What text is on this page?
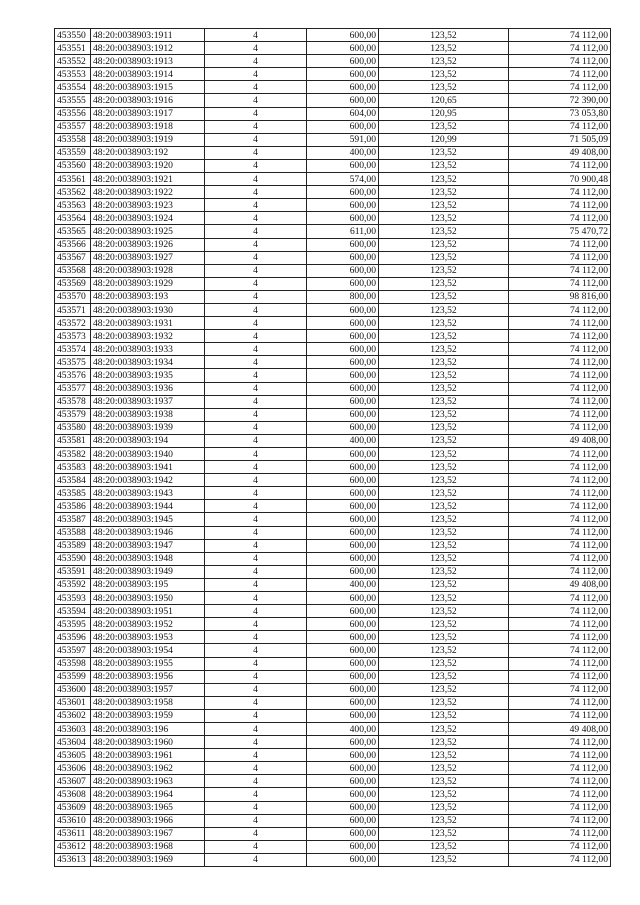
453550	48:20:0038903:1911	4	600,00	123,52	74 112,00
453551	48:20:0038903:1912	4	600,00	123,52	74 112,00
453552	48:20:0038903:1913	4	600,00	123,52	74 112,00
453553	48:20:0038903:1914	4	600,00	123,52	74 112,00
453554	48:20:0038903:1915	4	600,00	123,52	74 112,00
453555	48:20:0038903:1916	4	600,00	120,65	72 390,00
453556	48:20:0038903:1917	4	604,00	120,95	73 053,80
453557	48:20:0038903:1918	4	600,00	123,52	74 112,00
453558	48:20:0038903:1919	4	591,00	120,99	71 505,09
453559	48:20:0038903:192	4	400,00	123,52	49 408,00
453560	48:20:0038903:1920	4	600,00	123,52	74 112,00
453561	48:20:0038903:1921	4	574,00	123,52	70 900,48
453562	48:20:0038903:1922	4	600,00	123,52	74 112,00
453563	48:20:0038903:1923	4	600,00	123,52	74 112,00
453564	48:20:0038903:1924	4	600,00	123,52	74 112,00
453565	48:20:0038903:1925	4	611,00	123,52	75 470,72
453566	48:20:0038903:1926	4	600,00	123,52	74 112,00
453567	48:20:0038903:1927	4	600,00	123,52	74 112,00
453568	48:20:0038903:1928	4	600,00	123,52	74 112,00
453569	48:20:0038903:1929	4	600,00	123,52	74 112,00
453570	48:20:0038903:193	4	800,00	123,52	98 816,00
453571	48:20:0038903:1930	4	600,00	123,52	74 112,00
453572	48:20:0038903:1931	4	600,00	123,52	74 112,00
453573	48:20:0038903:1932	4	600,00	123,52	74 112,00
453574	48:20:0038903:1933	4	600,00	123,52	74 112,00
453575	48:20:0038903:1934	4	600,00	123,52	74 112,00
453576	48:20:0038903:1935	4	600,00	123,52	74 112,00
453577	48:20:0038903:1936	4	600,00	123,52	74 112,00
453578	48:20:0038903:1937	4	600,00	123,52	74 112,00
453579	48:20:0038903:1938	4	600,00	123,52	74 112,00
453580	48:20:0038903:1939	4	600,00	123,52	74 112,00
453581	48:20:0038903:194	4	400,00	123,52	49 408,00
453582	48:20:0038903:1940	4	600,00	123,52	74 112,00
453583	48:20:0038903:1941	4	600,00	123,52	74 112,00
453584	48:20:0038903:1942	4	600,00	123,52	74 112,00
453585	48:20:0038903:1943	4	600,00	123,52	74 112,00
453586	48:20:0038903:1944	4	600,00	123,52	74 112,00
453587	48:20:0038903:1945	4	600,00	123,52	74 112,00
453588	48:20:0038903:1946	4	600,00	123,52	74 112,00
453589	48:20:0038903:1947	4	600,00	123,52	74 112,00
453590	48:20:0038903:1948	4	600,00	123,52	74 112,00
453591	48:20:0038903:1949	4	600,00	123,52	74 112,00
453592	48:20:0038903:195	4	400,00	123,52	49 408,00
453593	48:20:0038903:1950	4	600,00	123,52	74 112,00
453594	48:20:0038903:1951	4	600,00	123,52	74 112,00
453595	48:20:0038903:1952	4	600,00	123,52	74 112,00
453596	48:20:0038903:1953	4	600,00	123,52	74 112,00
453597	48:20:0038903:1954	4	600,00	123,52	74 112,00
453598	48:20:0038903:1955	4	600,00	123,52	74 112,00
453599	48:20:0038903:1956	4	600,00	123,52	74 112,00
453600	48:20:0038903:1957	4	600,00	123,52	74 112,00
453601	48:20:0038903:1958	4	600,00	123,52	74 112,00
453602	48:20:0038903:1959	4	600,00	123,52	74 112,00
453603	48:20:0038903:196	4	400,00	123,52	49 408,00
453604	48:20:0038903:1960	4	600,00	123,52	74 112,00
453605	48:20:0038903:1961	4	600,00	123,52	74 112,00
453606	48:20:0038903:1962	4	600,00	123,52	74 112,00
453607	48:20:0038903:1963	4	600,00	123,52	74 112,00
453608	48:20:0038903:1964	4	600,00	123,52	74 112,00
453609	48:20:0038903:1965	4	600,00	123,52	74 112,00
453610	48:20:0038903:1966	4	600,00	123,52	74 112,00
453611	48:20:0038903:1967	4	600,00	123,52	74 112,00
453612	48:20:0038903:1968	4	600,00	123,52	74 112,00
453613	48:20:0038903:1969	4	600,00	123,52	74 112,00
